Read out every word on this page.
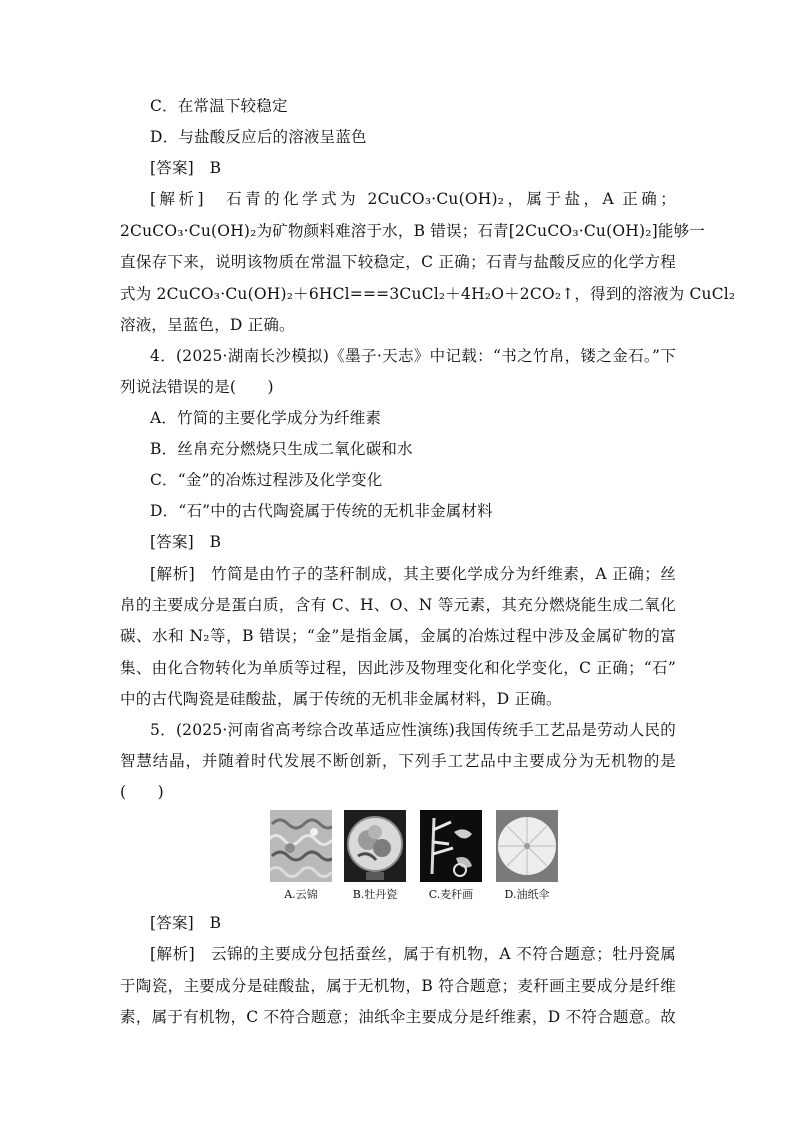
C．在常温下较稳定
D．与盐酸反应后的溶液呈蓝色
[答案]　B
[解析]　石青的化学式为 2CuCO₃·Cu(OH)₂，属于盐，A 正确；
2CuCO₃·Cu(OH)₂为矿物颜料难溶于水，B 错误；石青[2CuCO₃·Cu(OH)₂]能够一
直保存下来，说明该物质在常温下较稳定，C 正确；石青与盐酸反应的化学方程
式为 2CuCO₃·Cu(OH)₂＋6HCl===3CuCl₂＋4H₂O＋2CO₂↑，得到的溶液为 CuCl₂
溶液，呈蓝色，D 正确。
4．(2025·湖南长沙模拟)《墨子·天志》中记载：“书之竹帛，镂之金石。”下
列说法错误的是(　　)
A．竹简的主要化学成分为纤维素
B．丝帛充分燃烧只生成二氧化碳和水
C．“金”的冶炼过程涉及化学变化
D．“石”中的古代陶瓷属于传统的无机非金属材料
[答案]　B
[解析]　竹简是由竹子的茎秆制成，其主要化学成分为纤维素，A 正确；丝
帛的主要成分是蛋白质，含有 C、H、O、N 等元素，其充分燃烧能生成二氧化
碳、水和 N₂等，B 错误；“金”是指金属，金属的冶炼过程中涉及金属矿物的富
集、由化合物转化为单质等过程，因此涉及物理变化和化学变化，C 正确；“石”
中的古代陶瓷是硅酸盐，属于传统的无机非金属材料，D 正确。
5．(2025·河南省高考综合改革适应性演练)我国传统手工艺品是劳动人民的
智慧结晶，并随着时代发展不断创新，下列手工艺品中主要成分为无机物的是
(　　)
A.云锦	B.牡丹瓷	C.麦秆画	D.油纸伞
[答案]　B
[解析]　云锦的主要成分包括蚕丝，属于有机物，A 不符合题意；牡丹瓷属
于陶瓷，主要成分是硅酸盐，属于无机物，B 符合题意；麦秆画主要成分是纤维
素，属于有机物，C 不符合题意；油纸伞主要成分是纤维素，D 不符合题意。故
